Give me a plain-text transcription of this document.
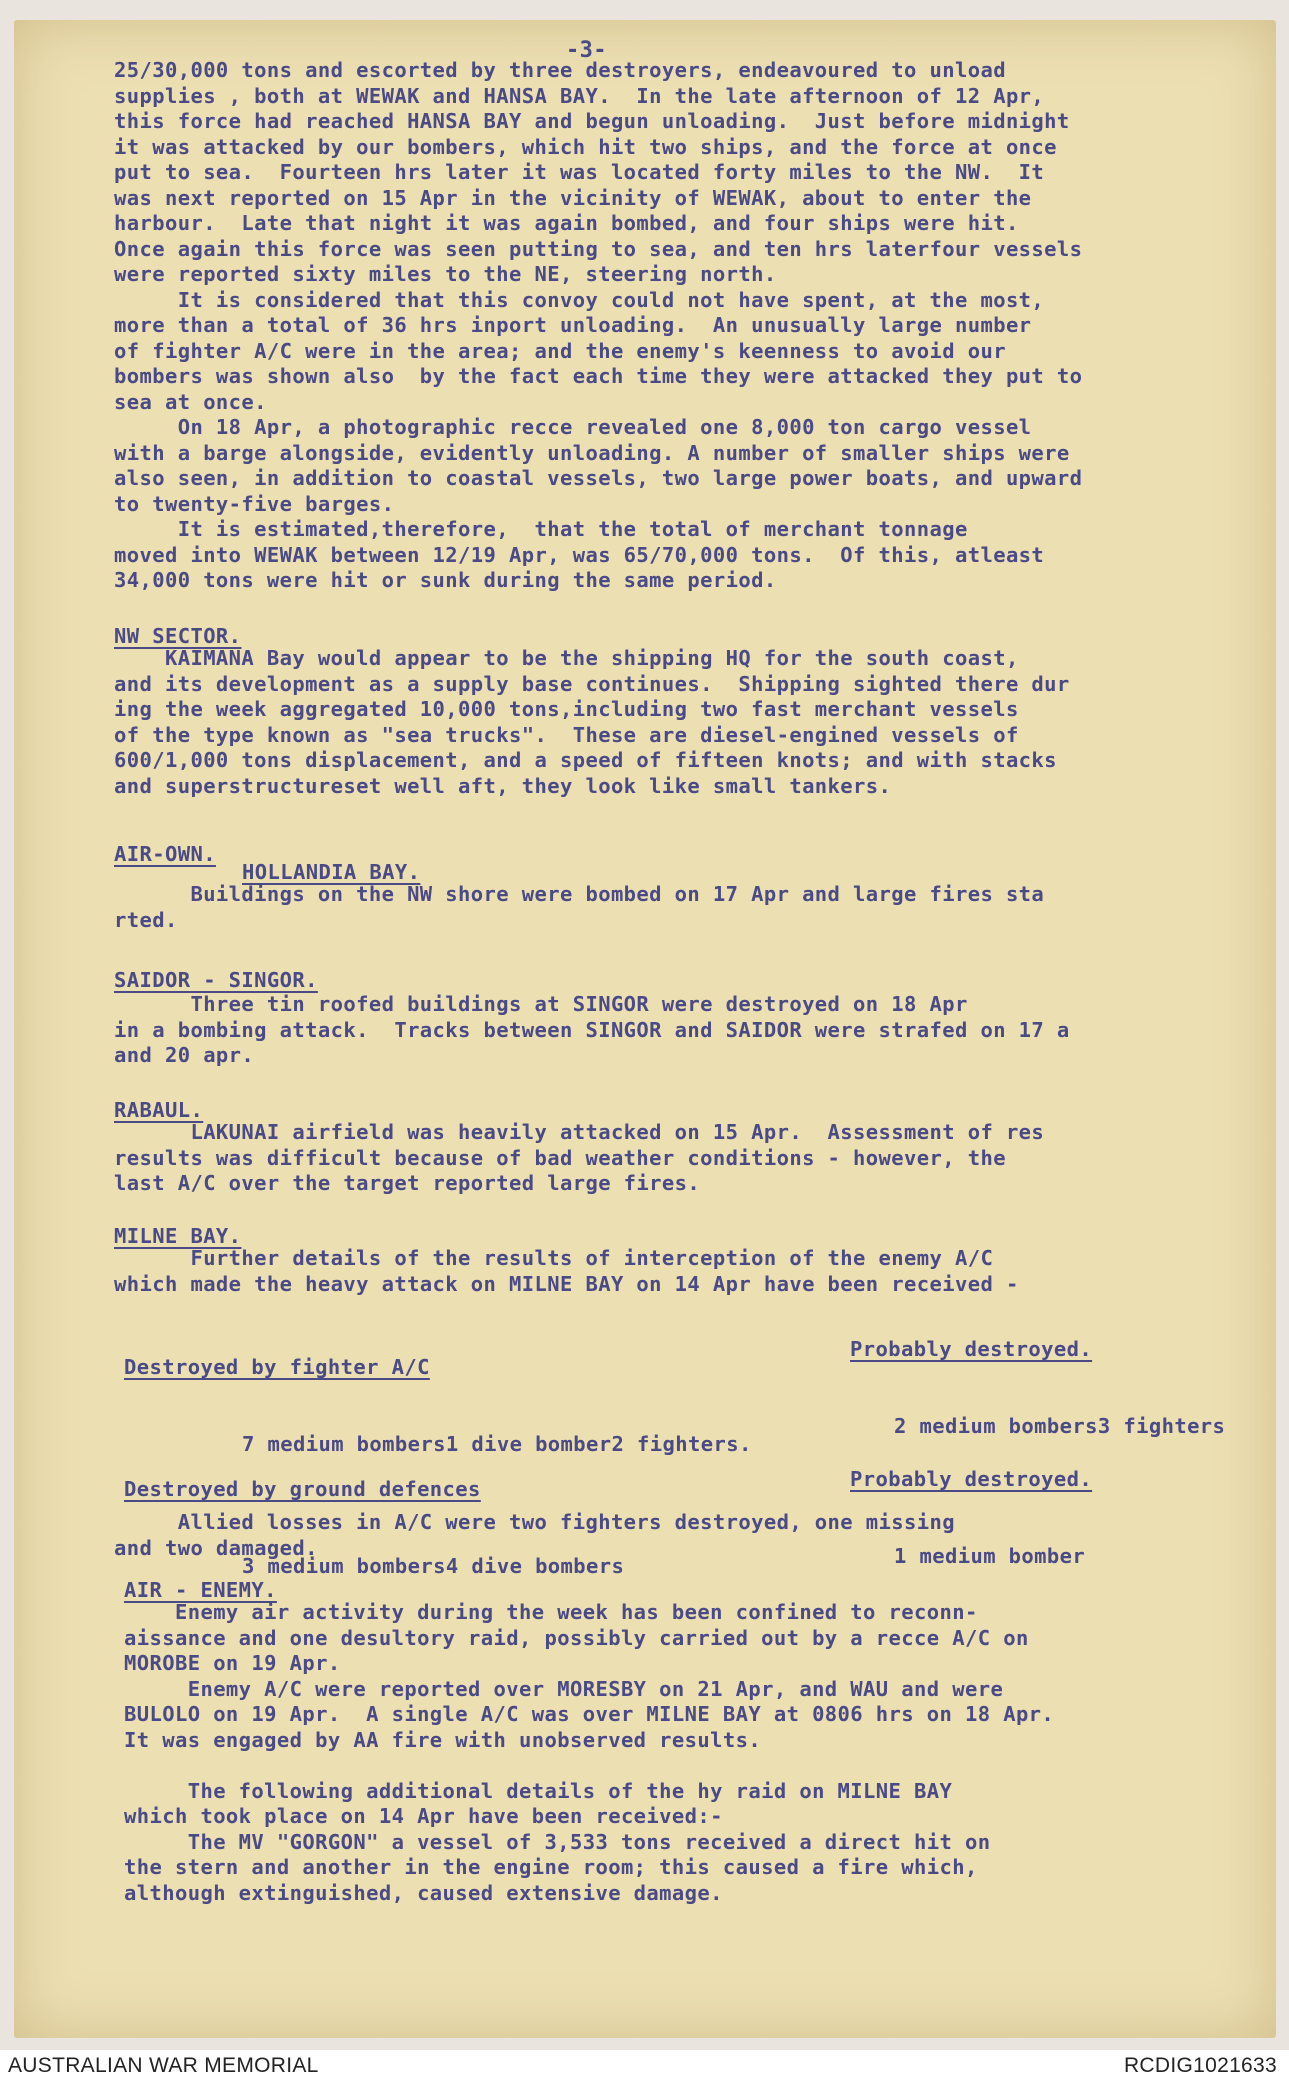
-3-
25/30,000 tons and escorted by three destroyers, endeavoured to unload
supplies , both at WEWAK and HANSA BAY.  In the late afternoon of 12 Apr,
this force had reached HANSA BAY and begun unloading.  Just before midnight
it was attacked by our bombers, which hit two ships, and the force at once
put to sea.  Fourteen hrs later it was located forty miles to the NW.  It
was next reported on 15 Apr in the vicinity of WEWAK, about to enter the
harbour.  Late that night it was again bombed, and four ships were hit.
Once again this force was seen putting to sea, and ten hrs laterfour vessels
were reported sixty miles to the NE, steering north.
It is considered that this convoy could not have spent, at the most,
more than a total of 36 hrs inport unloading.  An unusually large number
of fighter A/C were in the area; and the enemy's keenness to avoid our
bombers was shown also  by the fact each time they were attacked they put to
sea at once.
On 18 Apr, a photographic recce revealed one 8,000 ton cargo vessel
with a barge alongside, evidently unloading. A number of smaller ships were
also seen, in addition to coastal vessels, two large power boats, and upward
to twenty-five barges.
It is estimated,therefore,  that the total of merchant tonnage
moved into WEWAK between 12/19 Apr, was 65/70,000 tons.  Of this, atleast
34,000 tons were hit or sunk during the same period.
NW SECTOR.
KAIMANA Bay would appear to be the shipping HQ for the south coast,
and its development as a supply base continues.  Shipping sighted there dur
ing the week aggregated 10,000 tons,including two fast merchant vessels
of the type known as "sea trucks".  These are diesel-engined vessels of
600/1,000 tons displacement, and a speed of fifteen knots; and with stacks
and superstructureset well aft, they look like small tankers.
AIR-OWN.
HOLLANDIA BAY.
Buildings on the NW shore were bombed on 17 Apr and large fires sta
rted.
SAIDOR - SINGOR.
Three tin roofed buildings at SINGOR were destroyed on 18 Apr
in a bombing attack.  Tracks between SINGOR and SAIDOR were strafed on 17 a
and 20 apr.
RABAUL.
LAKUNAI airfield was heavily attacked on 15 Apr.  Assessment of res
results was difficult because of bad weather conditions - however, the
last A/C over the target reported large fires.
MILNE BAY.
Further details of the results of interception of the enemy A/C
which made the heavy attack on MILNE BAY on 14 Apr have been received -

Destroyed by fighter A/C

7 medium bombers1 dive bomber2 fighters.

Probably destroyed.

2 medium bombers3 fighters

Destroyed by ground defences

3 medium bombers4 dive bombers

Probably destroyed.

1 medium bomber

Allied losses in A/C were two fighters destroyed, one missing
and two damaged.
AIR - ENEMY.
Enemy air activity during the week has been confined to reconn-
aissance and one desultory raid, possibly carried out by a recce A/C on
MOROBE on 19 Apr.
Enemy A/C were reported over MORESBY on 21 Apr, and WAU and were
BULOLO on 19 Apr.  A single A/C was over MILNE BAY at 0806 hrs on 18 Apr.
It was engaged by AA fire with unobserved results.

The following additional details of the hy raid on MILNE BAY
which took place on 14 Apr have been received:-
The MV "GORGON" a vessel of 3,533 tons received a direct hit on
the stern and another in the engine room; this caused a fire which,
although extinguished, caused extensive damage.
AUSTRALIAN WAR MEMORIAL	RCDIG1021633
